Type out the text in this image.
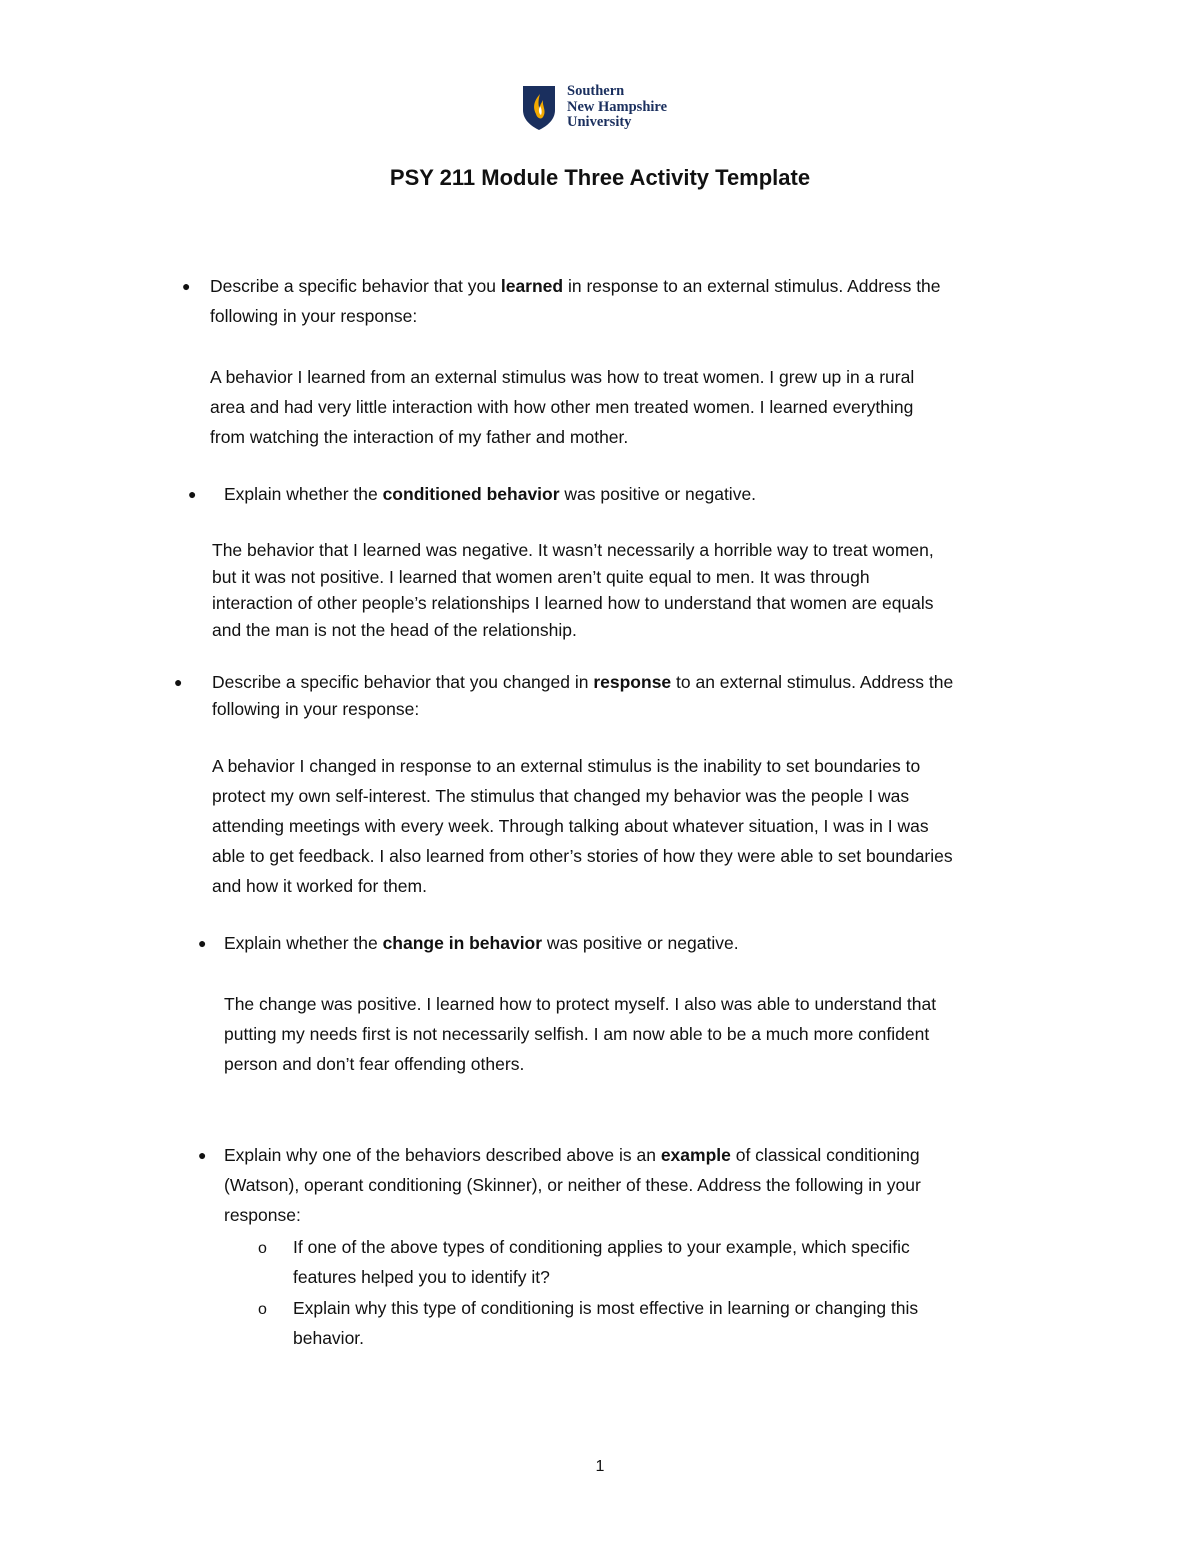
Southern
New Hampshire
University
PSY 211 Module Three Activity Template
● Describe a specific behavior that you learned in response to an external stimulus. Address the
following in your response:
A behavior I learned from an external stimulus was how to treat women. I grew up in a rural
area and had very little interaction with how other men treated women. I learned everything
from watching the interaction of my father and mother.
● Explain whether the conditioned behavior was positive or negative.
The behavior that I learned was negative. It wasn’t necessarily a horrible way to treat women,
but it was not positive. I learned that women aren’t quite equal to men. It was through
interaction of other people’s relationships I learned how to understand that women are equals
and the man is not the head of the relationship.
● Describe a specific behavior that you changed in response to an external stimulus. Address the
following in your response:
A behavior I changed in response to an external stimulus is the inability to set boundaries to
protect my own self-interest. The stimulus that changed my behavior was the people I was
attending meetings with every week. Through talking about whatever situation, I was in I was
able to get feedback. I also learned from other’s stories of how they were able to set boundaries
and how it worked for them.
● Explain whether the change in behavior was positive or negative.
The change was positive. I learned how to protect myself. I also was able to understand that
putting my needs first is not necessarily selfish. I am now able to be a much more confident
person and don’t fear offending others.
● Explain why one of the behaviors described above is an example of classical conditioning
(Watson), operant conditioning (Skinner), or neither of these. Address the following in your
response:
o If one of the above types of conditioning applies to your example, which specific
features helped you to identify it?
o Explain why this type of conditioning is most effective in learning or changing this
behavior.
1
